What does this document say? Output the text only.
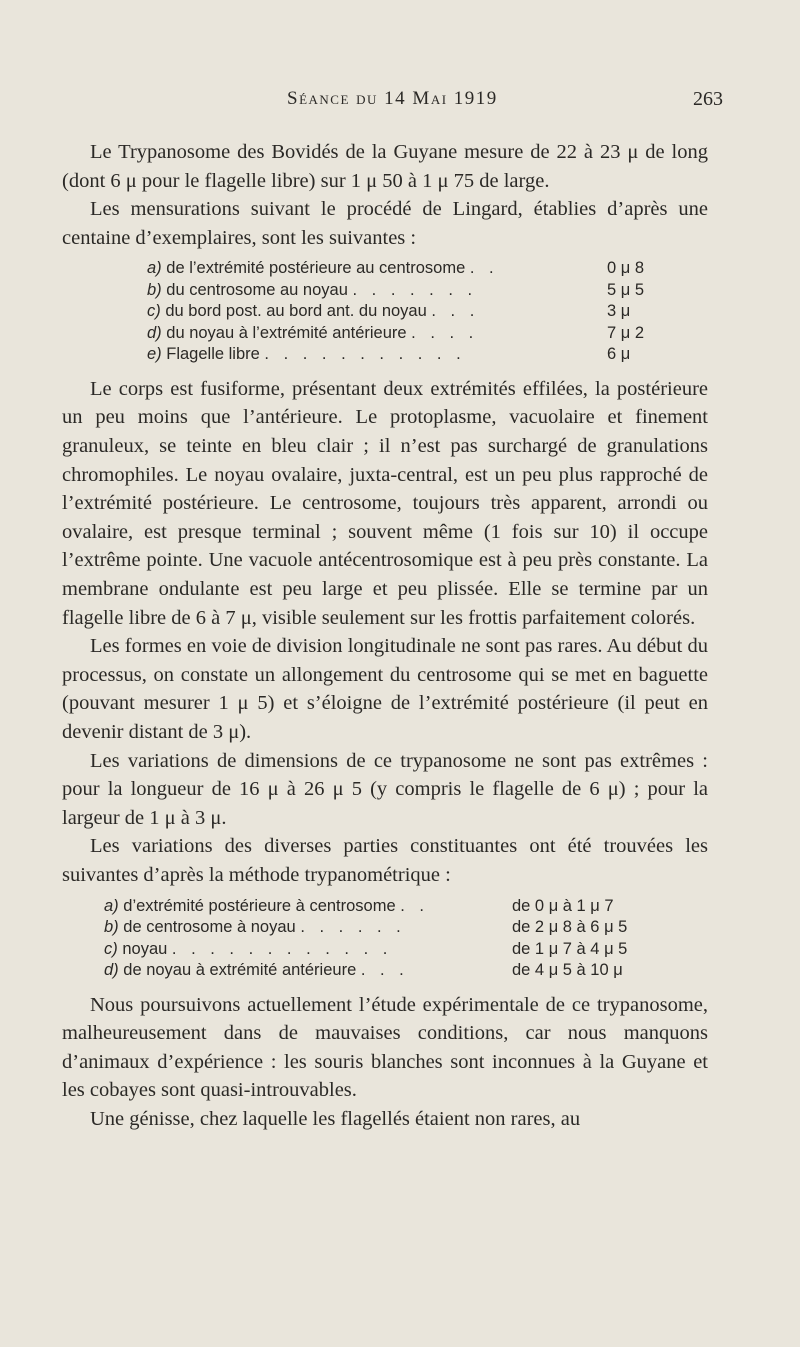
Séance du 14 Mai 1919	263

Le Trypanosome des Bovidés de la Guyane mesure de 22 à 23 μ de long (dont 6 μ pour le flagelle libre) sur 1 μ 50 à 1 μ 75 de large.

Les mensurations suivant le procédé de Lingard, établies d’après une centaine d’exemplaires, sont les suivantes :

a) de l’extrémité postérieure au centrosome . .	0 μ 8
b) du centrosome au noyau . . . . . . .	5 μ 5
c) du bord post. au bord ant. du noyau . . .	3 μ
d) du noyau à l’extrémité antérieure . . . .	7 μ 2
e) Flagelle libre . . . . . . . . . . .	6 μ

Le corps est fusiforme, présentant deux extrémités effilées, la postérieure un peu moins que l’antérieure. Le protoplasme, vacuolaire et finement granuleux, se teinte en bleu clair ; il n’est pas surchargé de granulations chromophiles. Le noyau ovalaire, juxta-central, est un peu plus rapproché de l’extrémité postérieure. Le centrosome, toujours très apparent, arrondi ou ovalaire, est presque terminal ; souvent même (1 fois sur 10) il occupe l’extrême pointe. Une vacuole antécentrosomique est à peu près constante. La membrane ondulante est peu large et peu plissée. Elle se termine par un flagelle libre de 6 à 7 μ, visible seulement sur les frottis parfaitement colorés.

Les formes en voie de division longitudinale ne sont pas rares. Au début du processus, on constate un allongement du centrosome qui se met en baguette (pouvant mesurer 1 μ 5) et s’éloigne de l’extrémité postérieure (il peut en devenir distant de 3 μ).

Les variations de dimensions de ce trypanosome ne sont pas extrêmes : pour la longueur de 16 μ à 26 μ 5 (y compris le flagelle de 6 μ) ; pour la largeur de 1 μ à 3 μ.

Les variations des diverses parties constituantes ont été trouvées les suivantes d’après la méthode trypanométrique :

a) d’extrémité postérieure à centrosome . .	de 0 μ à 1 μ 7
b) de centrosome à noyau . . . . . .	de 2 μ 8 à 6 μ 5
c) noyau . . . . . . . . . . . .	de 1 μ 7 à 4 μ 5
d) de noyau à extrémité antérieure . . .	de 4 μ 5 à 10 μ

Nous poursuivons actuellement l’étude expérimentale de ce trypanosome, malheureusement dans de mauvaises conditions, car nous manquons d’animaux d’expérience : les souris blanches sont inconnues à la Guyane et les cobayes sont quasi-introuvables.

Une génisse, chez laquelle les flagellés étaient non rares, au
